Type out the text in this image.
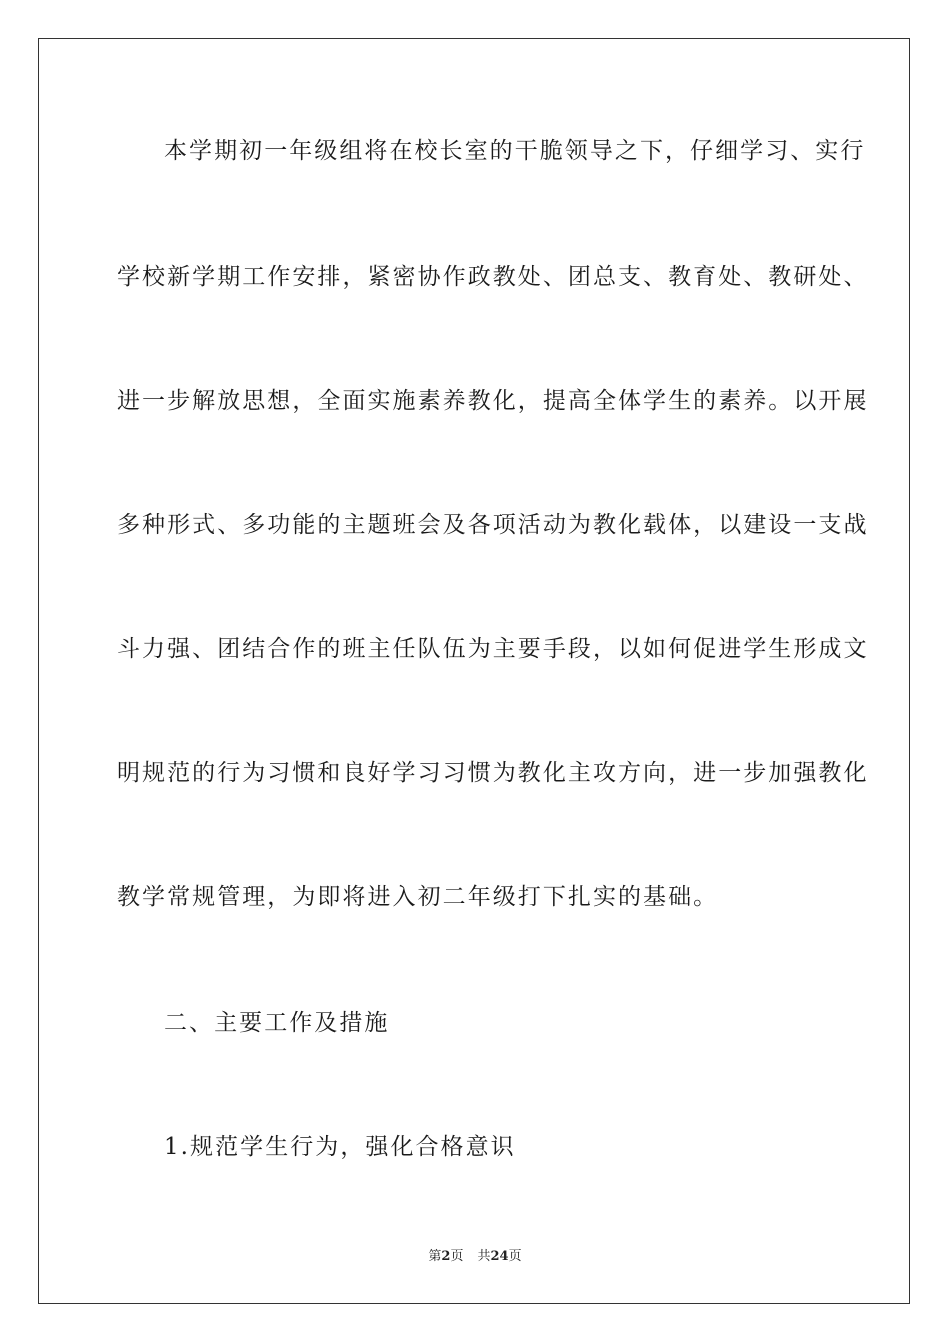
本学期初一年级组将在校长室的干脆领导之下，仔细学习、实行
学校新学期工作安排，紧密协作政教处、团总支、教育处、教研处、
进一步解放思想，全面实施素养教化，提高全体学生的素养。以开展
多种形式、多功能的主题班会及各项活动为教化载体，以建设一支战
斗力强、团结合作的班主任队伍为主要手段，以如何促进学生形成文
明规范的行为习惯和良好学习习惯为教化主攻方向，进一步加强教化
教学常规管理，为即将进入初二年级打下扎实的基础。
二、主要工作及措施
1.规范学生行为，强化合格意识
第2页 共24页
